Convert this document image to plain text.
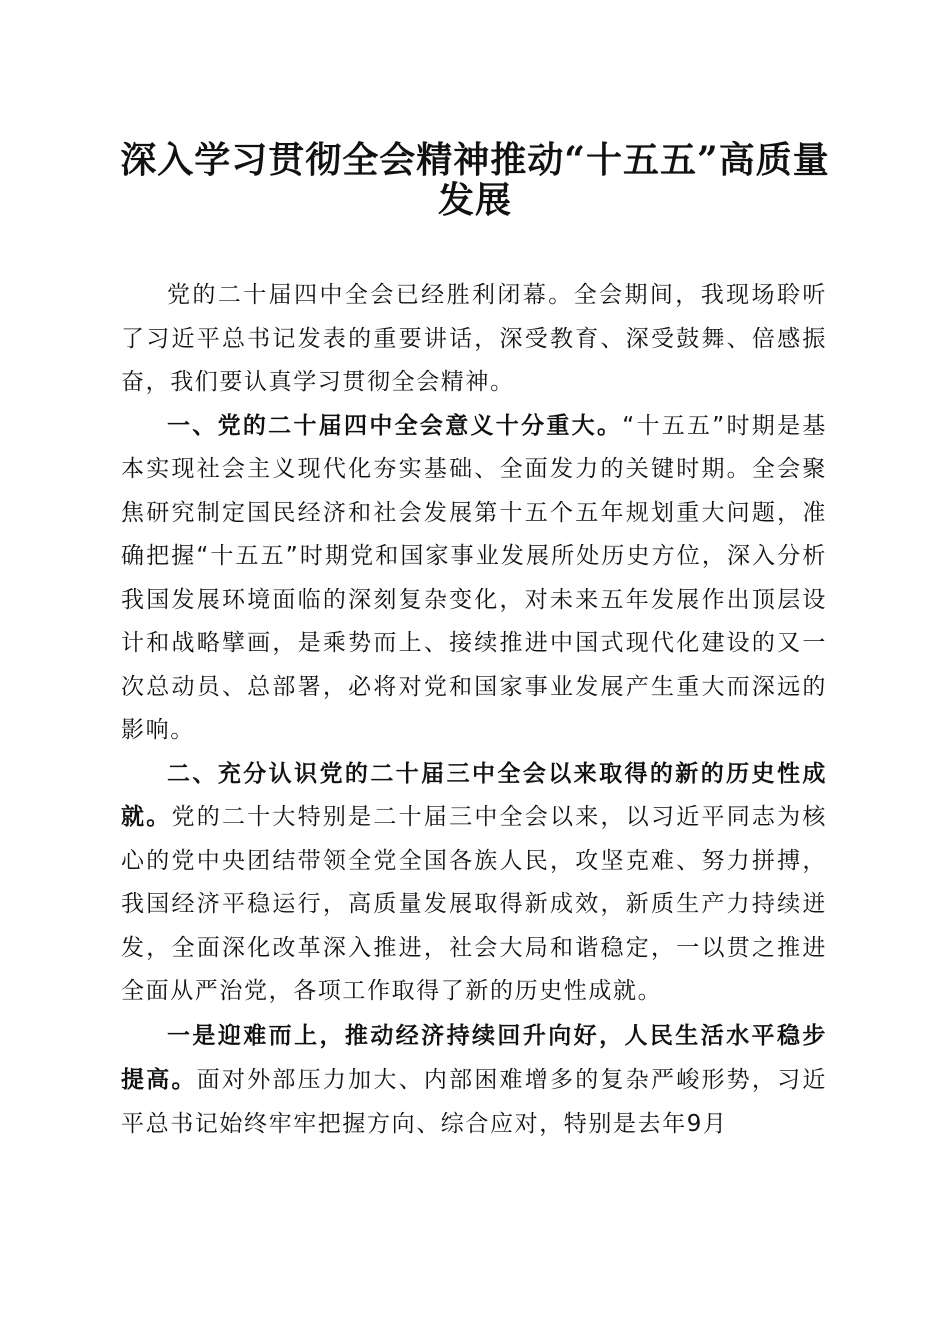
深入学习贯彻全会精神推动“十五五”高质量
发展

党的二十届四中全会已经胜利闭幕。全会期间，我现场聆听了习近平总书记发表的重要讲话，深受教育、深受鼓舞、倍感振奋，我们要认真学习贯彻全会精神。

一、党的二十届四中全会意义十分重大。“十五五”时期是基本实现社会主义现代化夯实基础、全面发力的关键时期。全会聚焦研究制定国民经济和社会发展第十五个五年规划重大问题，准确把握“十五五”时期党和国家事业发展所处历史方位，深入分析我国发展环境面临的深刻复杂变化，对未来五年发展作出顶层设计和战略擘画，是乘势而上、接续推进中国式现代化建设的又一次总动员、总部署，必将对党和国家事业发展产生重大而深远的影响。

二、充分认识党的二十届三中全会以来取得的新的历史性成就。党的二十大特别是二十届三中全会以来，以习近平同志为核心的党中央团结带领全党全国各族人民，攻坚克难、努力拼搏，我国经济平稳运行，高质量发展取得新成效，新质生产力持续迸发，全面深化改革深入推进，社会大局和谐稳定，一以贯之推进全面从严治党，各项工作取得了新的历史性成就。

一是迎难而上，推动经济持续回升向好，人民生活水平稳步提高。面对外部压力加大、内部困难增多的复杂严峻形势，习近平总书记始终牢牢把握方向、综合应对，特别是去年9月
